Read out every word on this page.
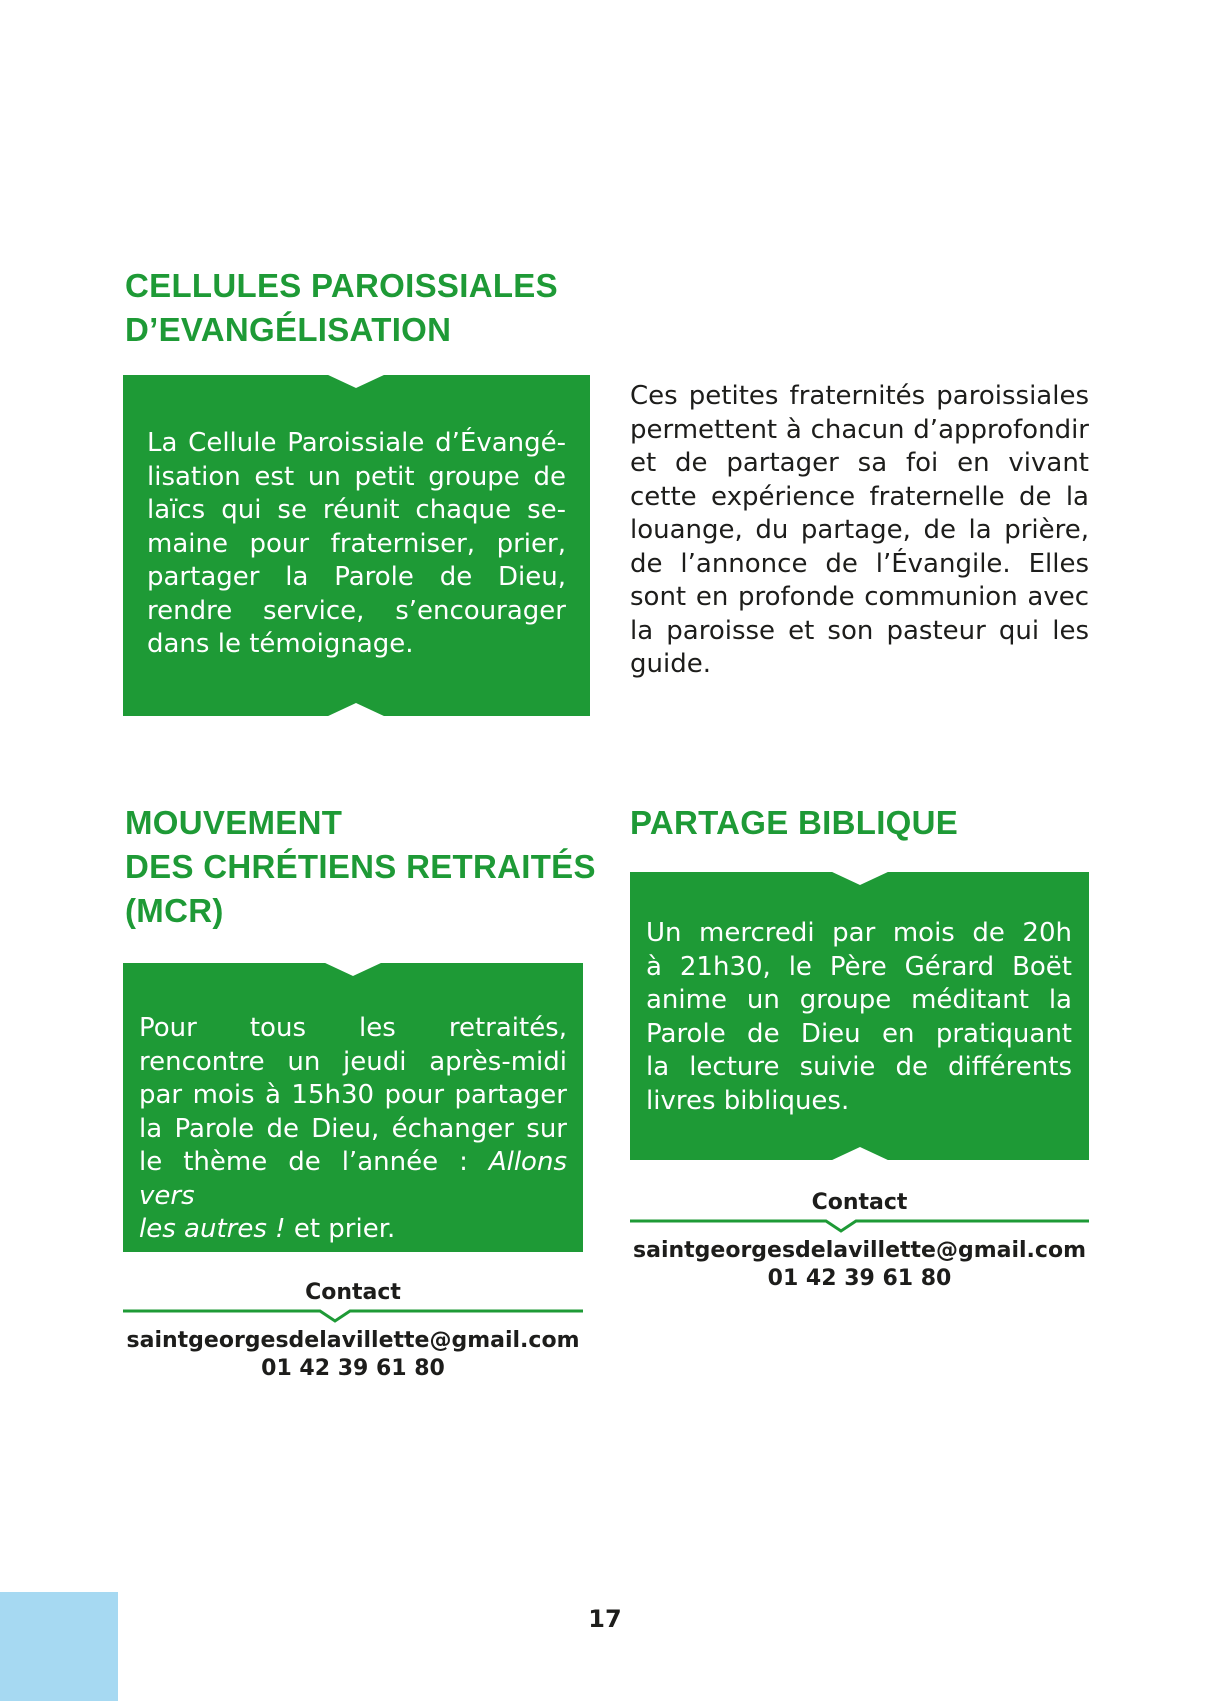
CELLULES PAROISSIALES
D’EVANGÉLISATION
La Cellule Paroissiale d’Évangé-
lisation est un petit groupe de
laïcs qui se réunit chaque se-
maine pour fraterniser, prier,
partager la Parole de Dieu,
rendre service, s’encourager
dans le témoignage.
Ces petites fraternités paroissiales
permettent à chacun d’approfondir
et de partager sa foi en vivant
cette expérience fraternelle de la
louange, du partage, de la prière,
de l’annonce de l’Évangile. Elles
sont en profonde communion avec
la paroisse et son pasteur qui les
guide.
MOUVEMENT
DES CHRÉTIENS RETRAITÉS
(MCR)
Pour tous les retraités,
rencontre un jeudi après-midi
par mois à 15h30 pour partager
la Parole de Dieu, échanger sur
le thème de l’année : Allons vers
les autres ! et prier.
Contact
saintgeorgesdelavillette@gmail.com
01 42 39 61 80
PARTAGE BIBLIQUE
Un mercredi par mois de 20h
à 21h30, le Père Gérard Boët
anime un groupe méditant la
Parole de Dieu en pratiquant
la lecture suivie de différents
livres bibliques.
Contact
saintgeorgesdelavillette@gmail.com
01 42 39 61 80
17
